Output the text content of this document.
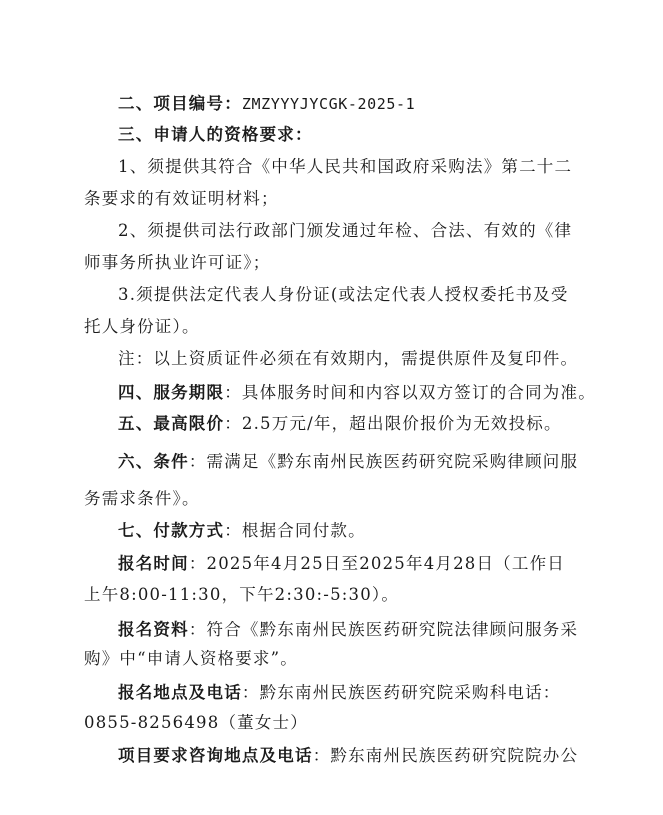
二、项目编号：ZMZYYYJYCGK-2025-1
三、申请人的资格要求：
1、须提供其符合《中华人民共和国政府采购法》第二十二
条要求的有效证明材料；
2、须提供司法行政部门颁发通过年检、合法、有效的《律
师事务所执业许可证》；
3.须提供法定代表人身份证(或法定代表人授权委托书及受
托人身份证）。
注：以上资质证件必须在有效期内，需提供原件及复印件。
四、服务期限：具体服务时间和内容以双方签订的合同为准。
五、最高限价：2.5万元/年，超出限价报价为无效投标。
六、条件：需满足《黔东南州民族医药研究院采购律顾问服
务需求条件》。
七、付款方式：根据合同付款。
报名时间：2025年4月25日至2025年4月28日（工作日
上午8:00-11:30，下午2:30:-5:30）。
报名资料：符合《黔东南州民族医药研究院法律顾问服务采
购》中“申请人资格要求”。
报名地点及电话：黔东南州民族医药研究院采购科电话：
0855-8256498（董女士）
项目要求咨询地点及电话：黔东南州民族医药研究院院办公
